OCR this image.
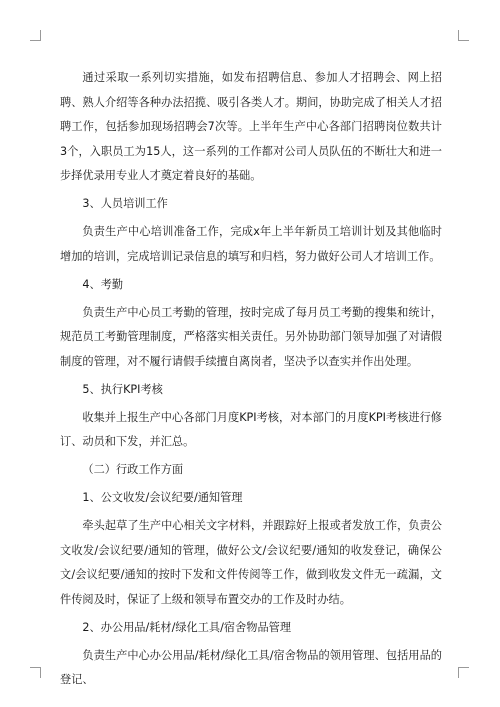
通过采取一系列切实措施，如发布招聘信息、参加人才招聘会、网上招聘、熟人介绍等各种办法招揽、吸引各类人才。期间，协助完成了相关人才招聘工作，包括参加现场招聘会7次等。上半年生产中心各部门招聘岗位数共计3个，入职员工为15人，这一系列的工作都对公司人员队伍的不断壮大和进一步择优录用专业人才奠定着良好的基础。

3、人员培训工作

负责生产中心培训准备工作，完成x年上半年新员工培训计划及其他临时增加的培训，完成培训记录信息的填写和归档，努力做好公司人才培训工作。

4、考勤

负责生产中心员工考勤的管理，按时完成了每月员工考勤的搜集和统计，规范员工考勤管理制度，严格落实相关责任。另外协助部门领导加强了对请假制度的管理，对不履行请假手续擅自离岗者，坚决予以查实并作出处理。

5、执行KPI考核

收集并上报生产中心各部门月度KPI考核，对本部门的月度KPI考核进行修订、动员和下发，并汇总。

（二）行政工作方面

1、公文收发/会议纪要/通知管理

牵头起草了生产中心相关文字材料，并跟踪好上报或者发放工作，负责公文收发/会议纪要/通知的管理，做好公文/会议纪要/通知的收发登记，确保公文/会议纪要/通知的按时下发和文件传阅等工作，做到收发文件无一疏漏，文件传阅及时，保证了上级和领导布置交办的工作及时办结。

2、办公用品/耗材/绿化工具/宿舍物品管理

负责生产中心办公用品/耗材/绿化工具/宿舍物品的领用管理、包括用品的登记、
